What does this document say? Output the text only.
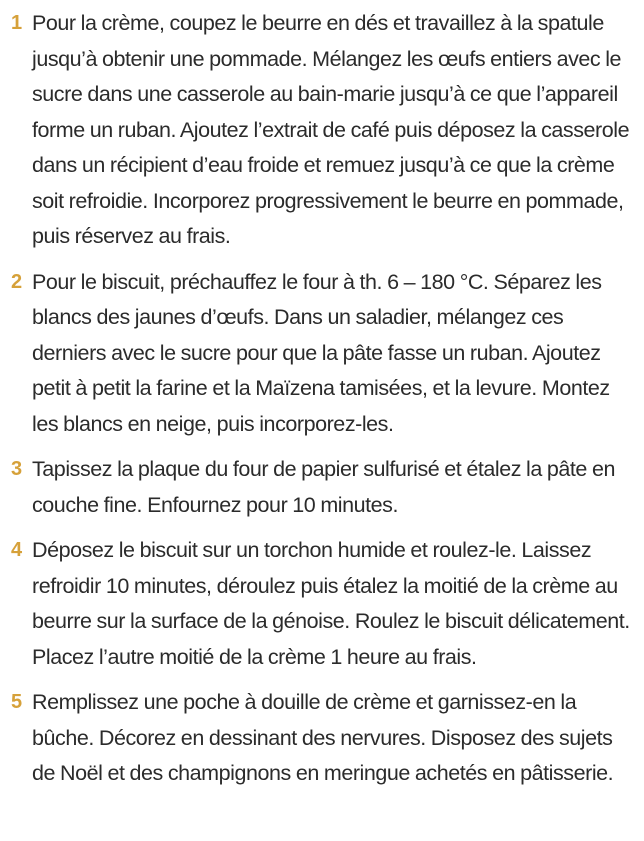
1 Pour la crème, coupez le beurre en dés et travaillez à la spatule jusqu’à obtenir une pommade. Mélangez les œufs entiers avec le sucre dans une casserole au bain-marie jusqu’à ce que l’appareil forme un ruban. Ajoutez l’extrait de café puis déposez la casserole dans un récipient d’eau froide et remuez jusqu’à ce que la crème soit refroidie. Incorporez progressivement le beurre en pommade, puis réservez au frais.
2 Pour le biscuit, préchauffez le four à th. 6 – 180 °C. Séparez les blancs des jaunes d’œufs. Dans un saladier, mélangez ces derniers avec le sucre pour que la pâte fasse un ruban. Ajoutez petit à petit la farine et la Maïzena tamisées, et la levure. Montez les blancs en neige, puis incorporez-les.
3 Tapissez la plaque du four de papier sulfurisé et étalez la pâte en couche fine. Enfournez pour 10 minutes.
4 Déposez le biscuit sur un torchon humide et roulez-le. Laissez refroidir 10 minutes, déroulez puis étalez la moitié de la crème au beurre sur la surface de la génoise. Roulez le biscuit délicatement. Placez l’autre moitié de la crème 1 heure au frais.
5 Remplissez une poche à douille de crème et garnissez-en la bûche. Décorez en dessinant des nervures. Disposez des sujets de Noël et des champignons en meringue achetés en pâtisserie.
